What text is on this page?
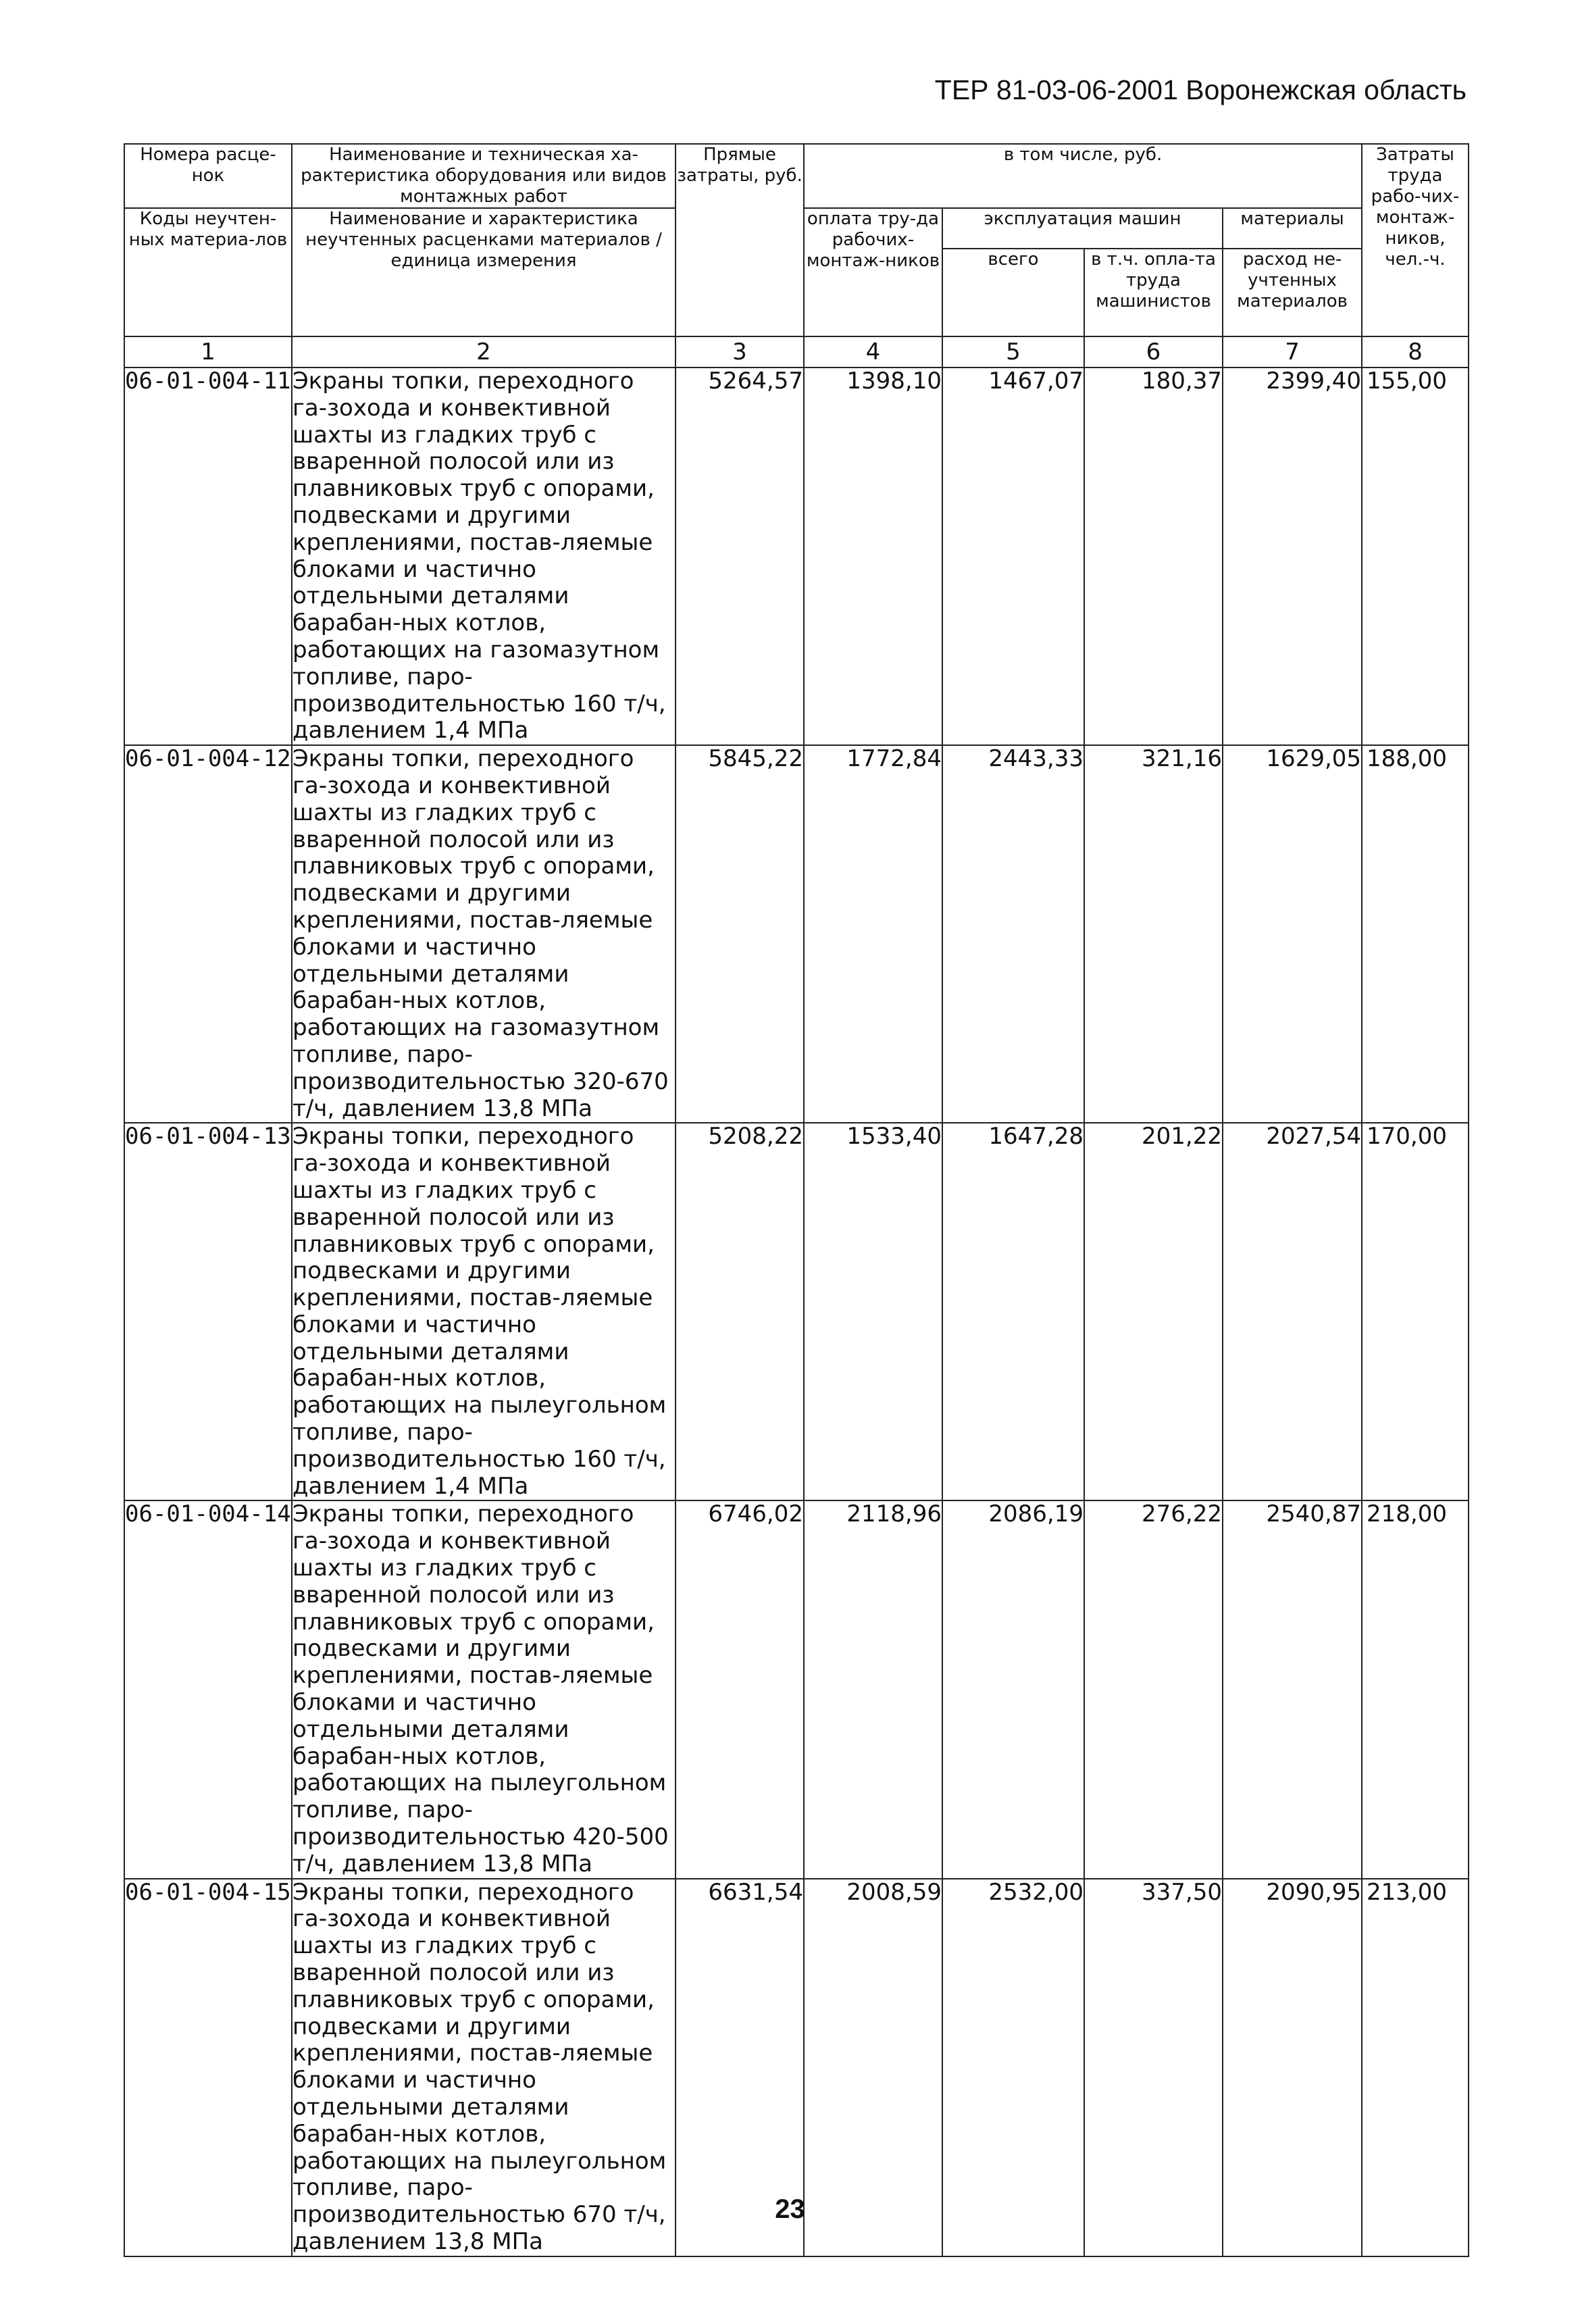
ТЕР 81-03-06-2001 Воронежская область
Номера расце-нок	Наименование и техническая ха-рактеристика оборудования или видов монтажных работ	Прямые затраты, руб.	в том числе, руб.				Затраты труда рабо-чих-монтаж-ников, чел.-ч.
Коды неучтен-ных материа-лов	Наименование и характеристика неучтенных расценками материалов / единица измерения		оплата тру-да рабочих-монтаж-ников	эксплуатация машин		материалы	
				всего	в т.ч. опла-та труда машинистов	расход не-учтенных материалов	
1	2	3	4	5	6	7	8
06-01-004-11	Экраны топки, переходного га-зохода и конвективной шахты из гладких труб с вваренной полосой или из плавниковых труб с опорами, подвесками и другими креплениями, постав-ляемые блоками и частично отдельными деталями барабан-ных котлов, работающих на газомазутном топливе, паро-производительностью 160 т/ч, давлением 1,4 МПа	5264,57	1398,10	1467,07	180,37	2399,40	155,00
06-01-004-12	Экраны топки, переходного га-зохода и конвективной шахты из гладких труб с вваренной полосой или из плавниковых труб с опорами, подвесками и другими креплениями, постав-ляемые блоками и частично отдельными деталями барабан-ных котлов, работающих на газомазутном топливе, паро-производительностью 320-670 т/ч, давлением 13,8 МПа	5845,22	1772,84	2443,33	321,16	1629,05	188,00
06-01-004-13	Экраны топки, переходного га-зохода и конвективной шахты из гладких труб с вваренной полосой или из плавниковых труб с опорами, подвесками и другими креплениями, постав-ляемые блоками и частично отдельными деталями барабан-ных котлов, работающих на пылеугольном топливе, паро-производительностью 160 т/ч, давлением 1,4 МПа	5208,22	1533,40	1647,28	201,22	2027,54	170,00
06-01-004-14	Экраны топки, переходного га-зохода и конвективной шахты из гладких труб с вваренной полосой или из плавниковых труб с опорами, подвесками и другими креплениями, постав-ляемые блоками и частично отдельными деталями барабан-ных котлов, работающих на пылеугольном топливе, паро-производительностью 420-500 т/ч, давлением 13,8 МПа	6746,02	2118,96	2086,19	276,22	2540,87	218,00
06-01-004-15	Экраны топки, переходного га-зохода и конвективной шахты из гладких труб с вваренной полосой или из плавниковых труб с опорами, подвесками и другими креплениями, постав-ляемые блоками и частично отдельными деталями барабан-ных котлов, работающих на пылеугольном топливе, паро-производительностью 670 т/ч, давлением 13,8 МПа	6631,54	2008,59	2532,00	337,50	2090,95	213,00
23
